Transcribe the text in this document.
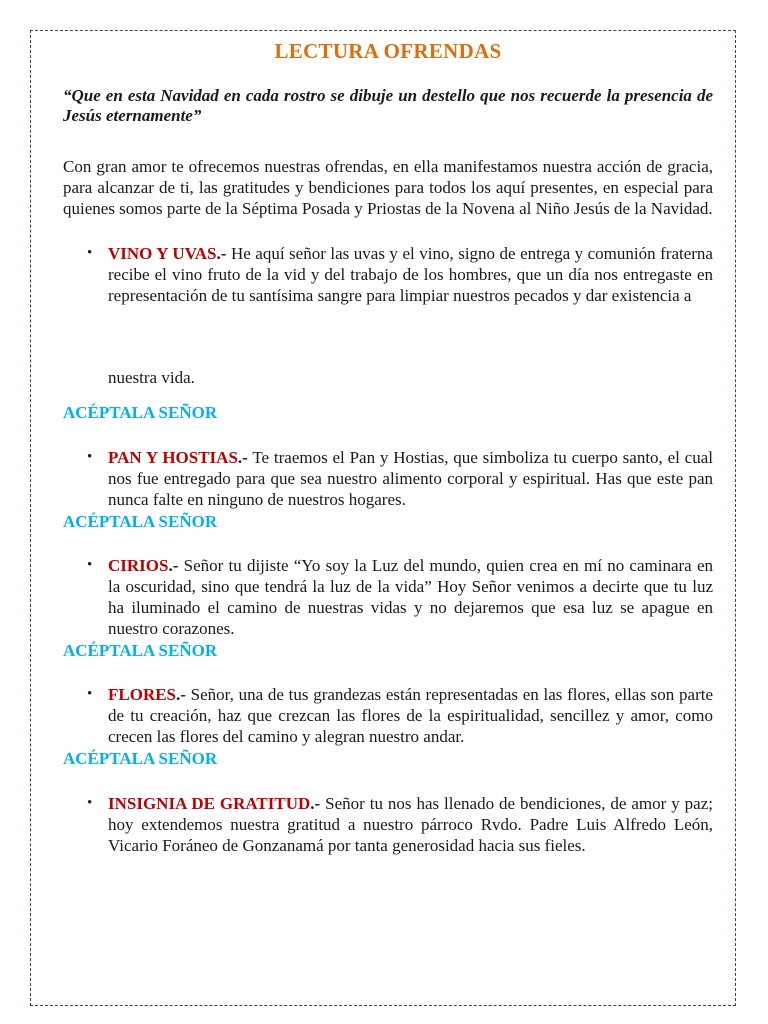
LECTURA OFRENDAS

“Que en esta Navidad en cada rostro se dibuje un destello que nos recuerde la presencia de Jesús eternamente”

Con gran amor te ofrecemos nuestras ofrendas, en ella manifestamos nuestra acción de gracia, para alcanzar de ti, las gratitudes y bendiciones para todos los aquí presentes, en especial para quienes somos parte de la Séptima Posada y Priostas de la Novena al Niño Jesús de la Navidad.

• VINO Y UVAS.- He aquí señor las uvas y el vino, signo de entrega y comunión fraterna recibe el vino fruto de la vid y del trabajo de los hombres, que un día nos entregaste en representación de tu santísima sangre para limpiar nuestros pecados y dar existencia a
nuestra vida.

ACÉPTALA SEÑOR

• PAN Y HOSTIAS.- Te traemos el Pan y Hostias, que simboliza tu cuerpo santo, el cual nos fue entregado para que sea nuestro alimento corporal y espiritual. Has que este pan nunca falte en ninguno de nuestros hogares.

ACÉPTALA SEÑOR

• CIRIOS.- Señor tu dijiste “Yo soy la Luz del mundo, quien crea en mí no caminara en la oscuridad, sino que tendrá la luz de la vida” Hoy Señor venimos a decirte que tu luz ha iluminado el camino de nuestras vidas y no dejaremos que esa luz se apague en nuestro corazones.

ACÉPTALA SEÑOR

• FLORES.- Señor, una de tus grandezas están representadas en las flores, ellas son parte de tu creación, haz que crezcan las flores de la espiritualidad, sencillez y amor, como crecen las flores del camino y alegran nuestro andar.

ACÉPTALA SEÑOR

• INSIGNIA DE GRATITUD.- Señor tu nos has llenado de bendiciones, de amor y paz; hoy extendemos nuestra gratitud a nuestro párroco Rvdo. Padre Luis Alfredo León, Vicario Foráneo de Gonzanamá por tanta generosidad hacia sus fieles.
